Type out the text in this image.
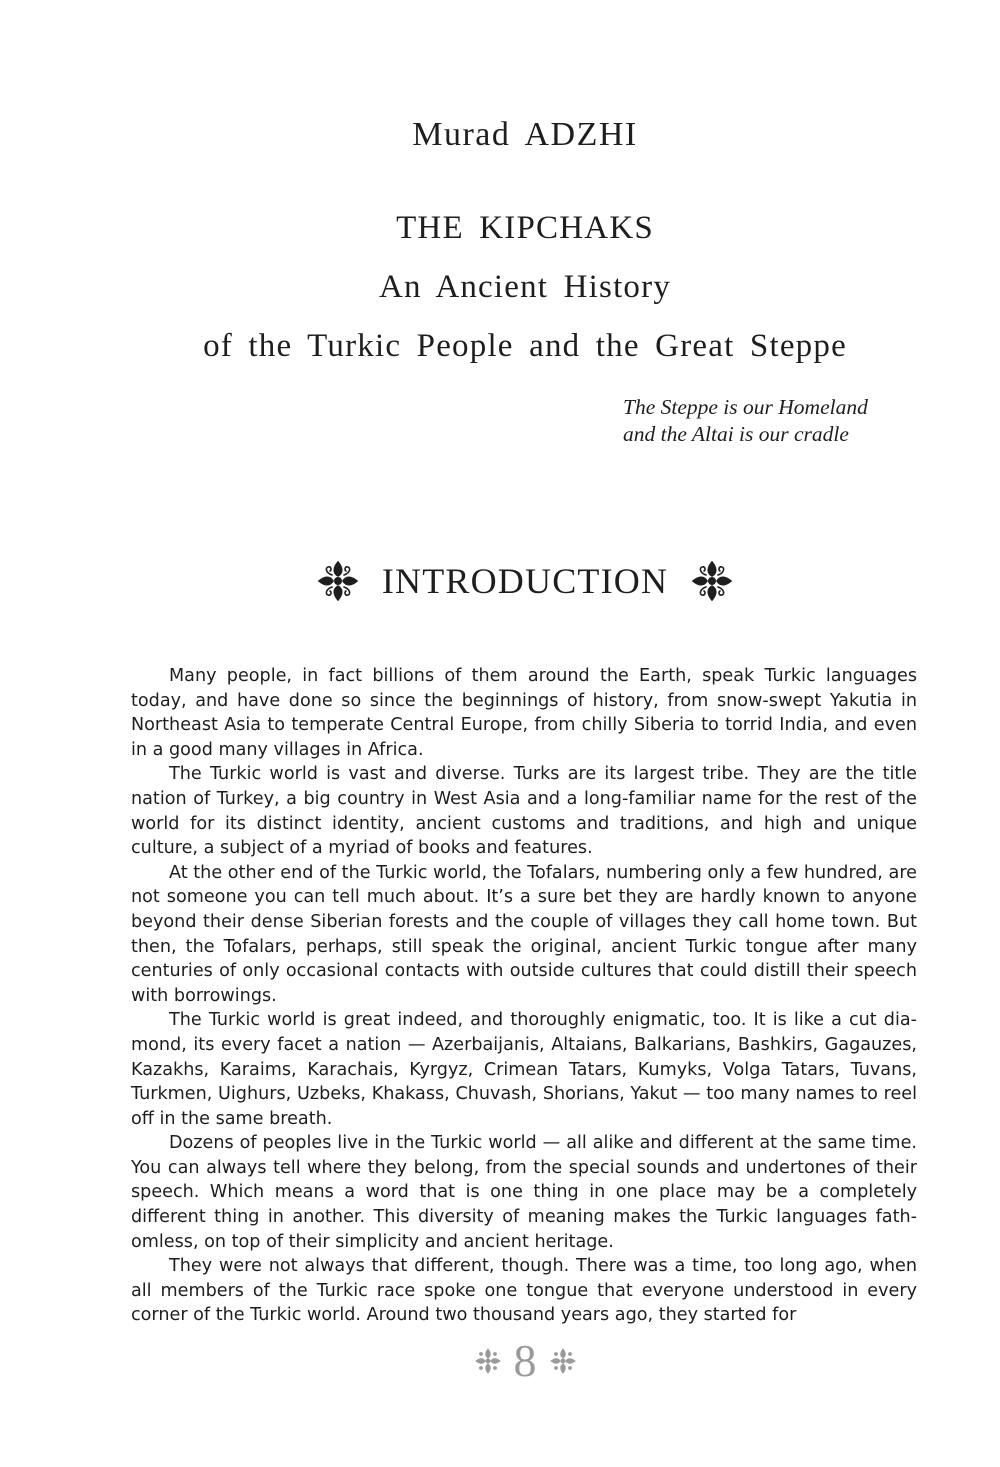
Murad ADZHI
THE KIPCHAKS
An Ancient History
of the Turkic People and the Great Steppe
The Steppe is our Homeland
and the Altai is our cradle
INTRODUCTION

Many people, in fact billions of them around the Earth, speak Turkic languages today, and have done so since the beginnings of history, from snow-swept Yakutia in Northeast Asia to temperate Central Europe, from chilly Siberia to torrid India, and even in a good many villages in Africa.

The Turkic world is vast and diverse. Turks are its largest tribe. They are the title nation of Turkey, a big country in West Asia and a long-familiar name for the rest of the world for its distinct identity, ancient customs and traditions, and high and unique culture, a subject of a myriad of books and features.

At the other end of the Turkic world, the Tofalars, numbering only a few hundred, are not someone you can tell much about. It’s a sure bet they are hardly known to anyone beyond their dense Siberian forests and the couple of villages they call home town. But then, the Tofalars, perhaps, still speak the original, ancient Turkic tongue after many centuries of only occasional contacts with outside cultures that could distill their speech with borrowings.

The Turkic world is great indeed, and thoroughly enigmatic, too. It is like a cut diamond, its every facet a nation — Azerbaijanis, Altaians, Balkarians, Bashkirs, Gagauzes, Kazakhs, Karaims, Karachais, Kyrgyz, Crimean Tatars, Kumyks, Volga Tatars, Tuvans, Turkmen, Uighurs, Uzbeks, Khakass, Chuvash, Shorians, Yakut — too many names to reel off in the same breath.

Dozens of peoples live in the Turkic world — all alike and different at the same time. You can always tell where they belong, from the special sounds and undertones of their speech. Which means a word that is one thing in one place may be a completely different thing in another. This diversity of meaning makes the Turkic languages fathomless, on top of their simplicity and ancient heritage.

They were not always that different, though. There was a time, too long ago, when all members of the Turkic race spoke one tongue that everyone understood in every corner of the Turkic world. Around two thousand years ago, they started for

8
